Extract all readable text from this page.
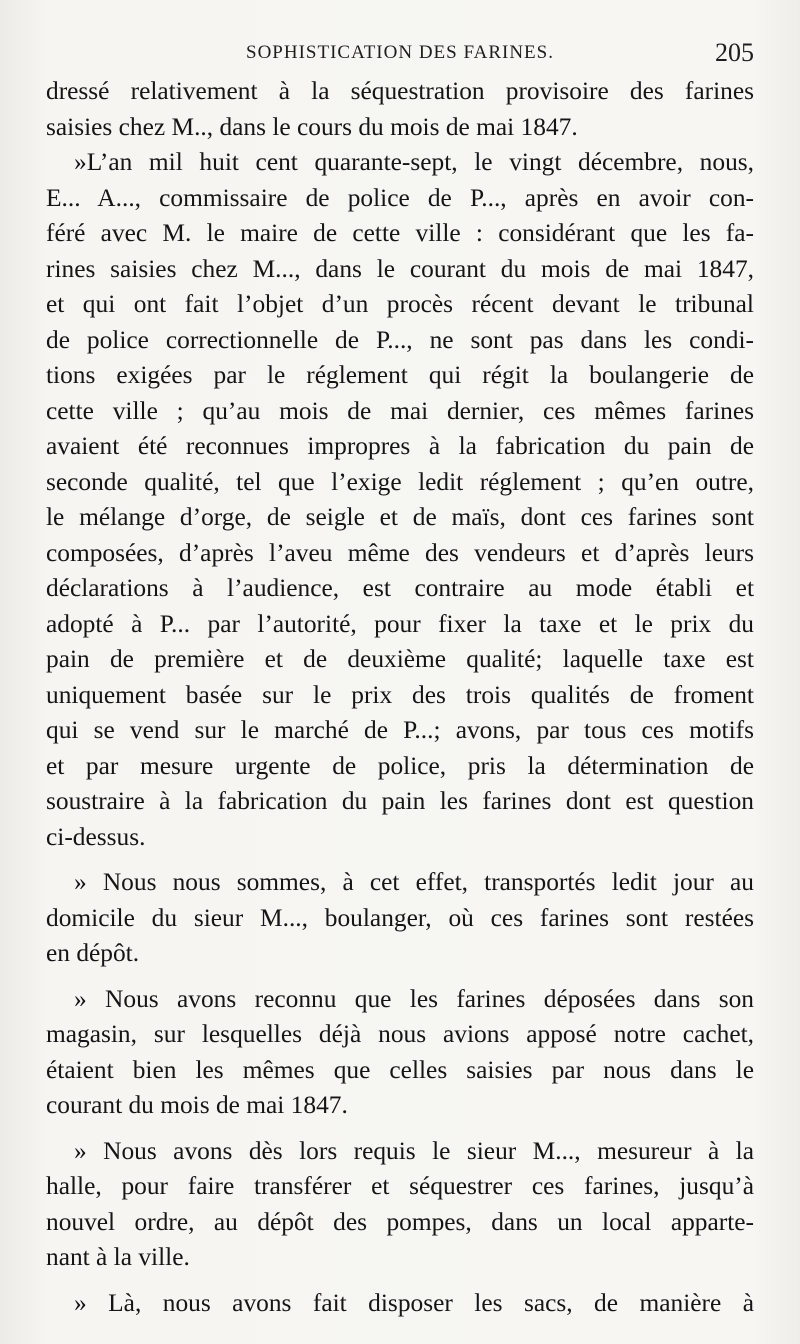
SOPHISTICATION DES FARINES.	205
dressé relativement à la séquestration provisoire des farines
saisies chez M.., dans le cours du mois de mai 1847.
»L’an mil huit cent quarante-sept, le vingt décembre, nous,
E... A..., commissaire de police de P..., après en avoir con-
féré avec M. le maire de cette ville : considérant que les fa-
rines saisies chez M..., dans le courant du mois de mai 1847,
et qui ont fait l’objet d’un procès récent devant le tribunal
de police correctionnelle de P..., ne sont pas dans les condi-
tions exigées par le réglement qui régit la boulangerie de
cette ville ; qu’au mois de mai dernier, ces mêmes farines
avaient été reconnues impropres à la fabrication du pain de
seconde qualité, tel que l’exige ledit réglement ; qu’en outre,
le mélange d’orge, de seigle et de maïs, dont ces farines sont
composées, d’après l’aveu même des vendeurs et d’après leurs
déclarations à l’audience, est contraire au mode établi et
adopté à P... par l’autorité, pour fixer la taxe et le prix du
pain de première et de deuxième qualité; laquelle taxe est
uniquement basée sur le prix des trois qualités de froment
qui se vend sur le marché de P...; avons, par tous ces motifs
et par mesure urgente de police, pris la détermination de
soustraire à la fabrication du pain les farines dont est question
ci-dessus.
» Nous nous sommes, à cet effet, transportés ledit jour au
domicile du sieur M..., boulanger, où ces farines sont restées
en dépôt.
» Nous avons reconnu que les farines déposées dans son
magasin, sur lesquelles déjà nous avions apposé notre cachet,
étaient bien les mêmes que celles saisies par nous dans le
courant du mois de mai 1847.
» Nous avons dès lors requis le sieur M..., mesureur à la
halle, pour faire transférer et séquestrer ces farines, jusqu’à
nouvel ordre, au dépôt des pompes, dans un local apparte-
nant à la ville.
» Là, nous avons fait disposer les sacs, de manière à
